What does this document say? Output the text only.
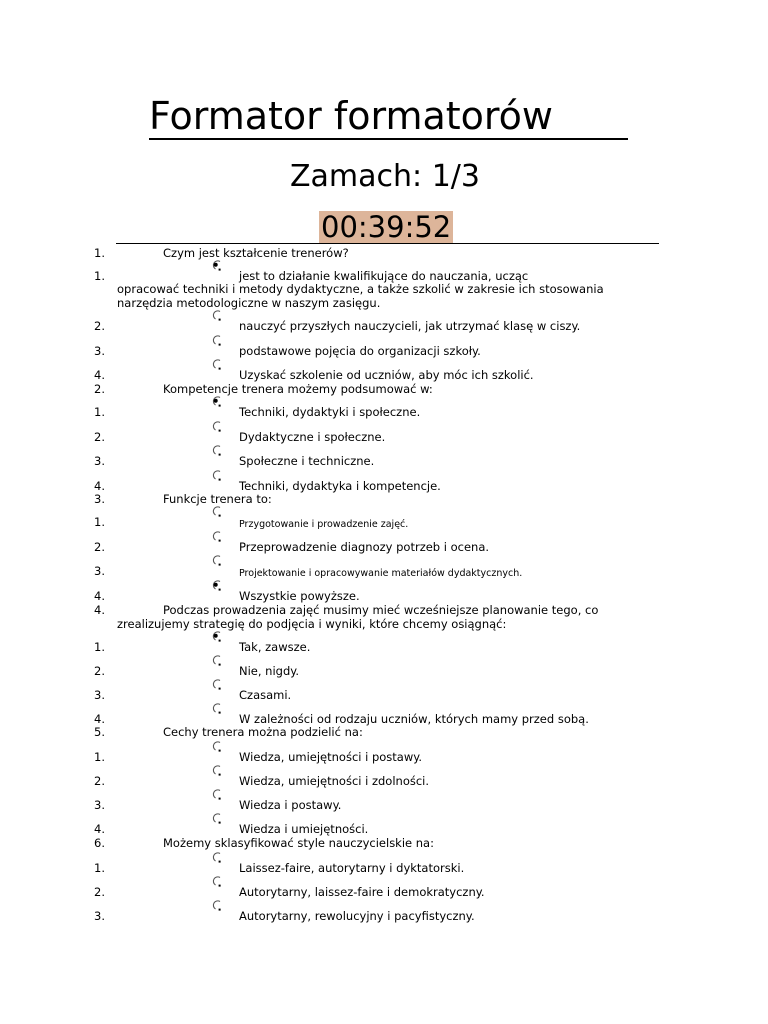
Formator formatorów
Zamach: 1/3
00:39:52
1.	Czym jest kształcenie trenerów?
1.	jest to działanie kwalifikujące do nauczania, ucząc
opracować techniki i metody dydaktyczne, a także szkolić w zakresie ich stosowania
narzędzia metodologiczne w naszym zasięgu.
2.	nauczyć przyszłych nauczycieli, jak utrzymać klasę w ciszy.
3.	podstawowe pojęcia do organizacji szkoły.
4.	Uzyskać szkolenie od uczniów, aby móc ich szkolić.
2.	Kompetencje trenera możemy podsumować w:
1.	Techniki, dydaktyki i społeczne.
2.	Dydaktyczne i społeczne.
3.	Społeczne i techniczne.
4.	Techniki, dydaktyka i kompetencje.
3.	Funkcje trenera to:
1.	Przygotowanie i prowadzenie zajęć.
2.	Przeprowadzenie diagnozy potrzeb i ocena.
3.	Projektowanie i opracowywanie materiałów dydaktycznych.
4.	Wszystkie powyższe.
4.	Podczas prowadzenia zajęć musimy mieć wcześniejsze planowanie tego, co
zrealizujemy strategię do podjęcia i wyniki, które chcemy osiągnąć:
1.	Tak, zawsze.
2.	Nie, nigdy.
3.	Czasami.
4.	W zależności od rodzaju uczniów, których mamy przed sobą.
5.	Cechy trenera można podzielić na:
1.	Wiedza, umiejętności i postawy.
2.	Wiedza, umiejętności i zdolności.
3.	Wiedza i postawy.
4.	Wiedza i umiejętności.
6.	Możemy sklasyfikować style nauczycielskie na:
1.	Laissez-faire, autorytarny i dyktatorski.
2.	Autorytarny, laissez-faire i demokratyczny.
3.	Autorytarny, rewolucyjny i pacyfistyczny.
